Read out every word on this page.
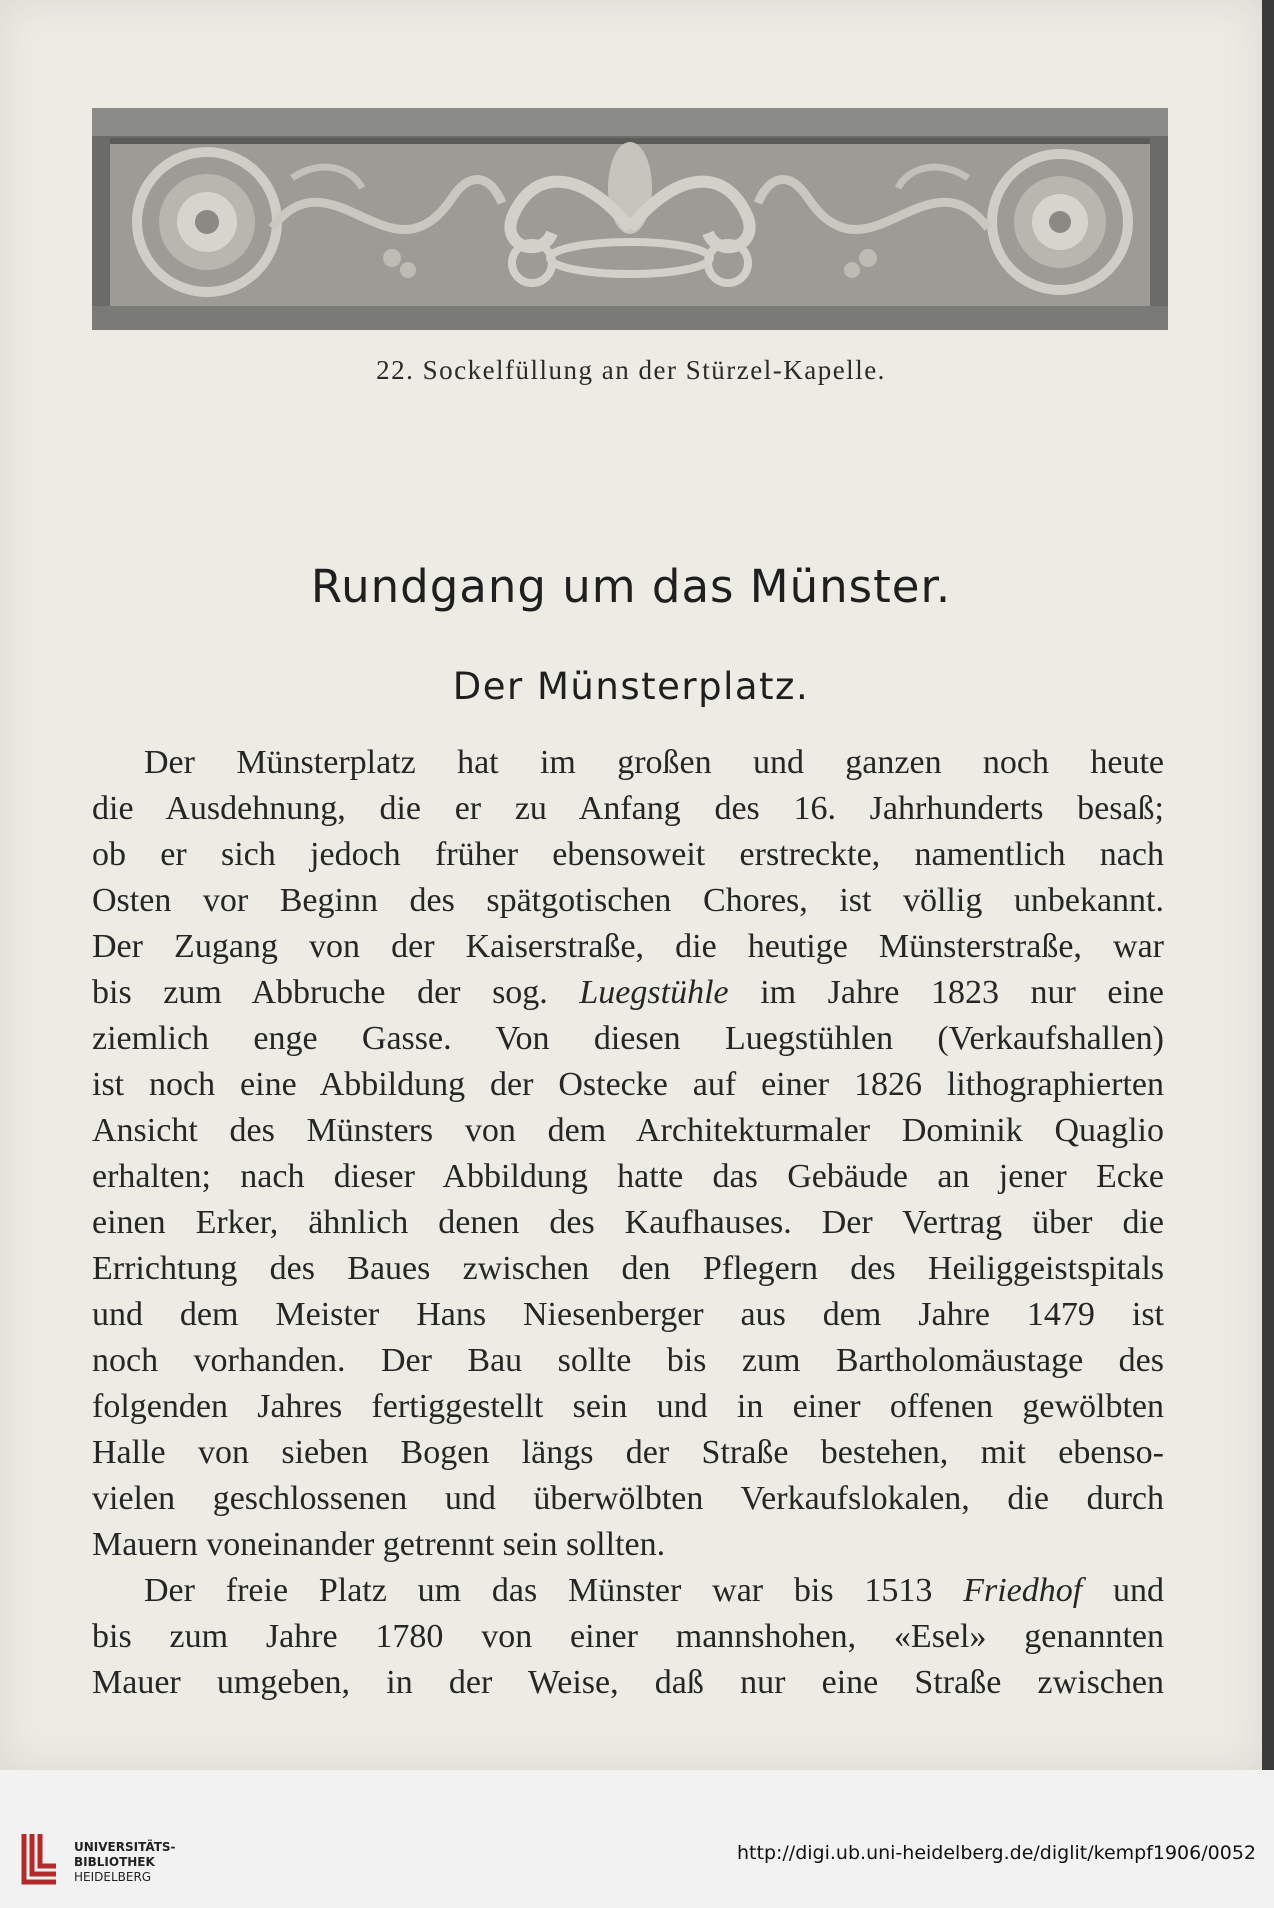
22. Sockelfüllung an der Stürzel-Kapelle.
Rundgang um das Münster.
Der Münsterplatz.
Der Münsterplatz hat im großen und ganzen noch heute
die Ausdehnung, die er zu Anfang des 16. Jahrhunderts besaß;
ob er sich jedoch früher ebensoweit erstreckte, namentlich nach
Osten vor Beginn des spätgotischen Chores, ist völlig unbekannt.
Der Zugang von der Kaiserstraße, die heutige Münsterstraße, war
bis zum Abbruche der sog. Luegstühle im Jahre 1823 nur eine
ziemlich enge Gasse. Von diesen Luegstühlen (Verkaufshallen)
ist noch eine Abbildung der Ostecke auf einer 1826 lithographierten
Ansicht des Münsters von dem Architekturmaler Dominik Quaglio
erhalten; nach dieser Abbildung hatte das Gebäude an jener Ecke
einen Erker, ähnlich denen des Kaufhauses. Der Vertrag über die
Errichtung des Baues zwischen den Pflegern des Heiliggeistspitals
und dem Meister Hans Niesenberger aus dem Jahre 1479 ist
noch vorhanden. Der Bau sollte bis zum Bartholomäustage des
folgenden Jahres fertiggestellt sein und in einer offenen gewölbten
Halle von sieben Bogen längs der Straße bestehen, mit ebenso-
vielen geschlossenen und überwölbten Verkaufslokalen, die durch
Mauern voneinander getrennt sein sollten.
Der freie Platz um das Münster war bis 1513 Friedhof und
bis zum Jahre 1780 von einer mannshohen, «Esel» genannten
Mauer umgeben, in der Weise, daß nur eine Straße zwischen
UNIVERSITÄTS-
BIBLIOTHEK
HEIDELBERG
http://digi.ub.uni-heidelberg.de/diglit/kempf1906/0052
